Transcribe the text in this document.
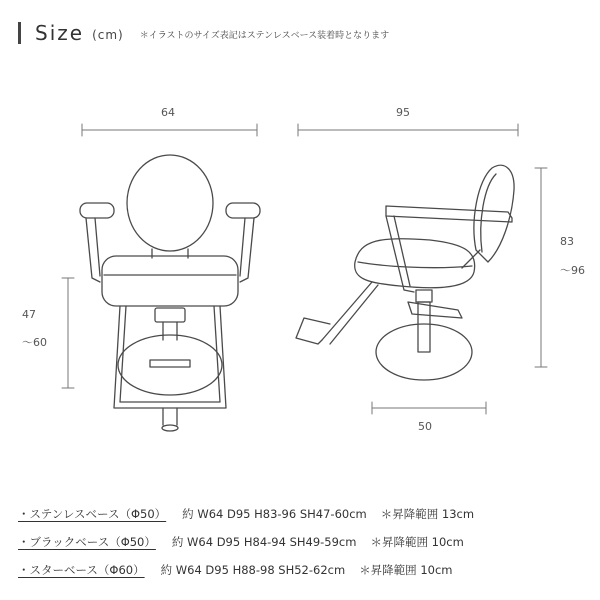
Size (cm) ＊イラストのサイズ表記はステンレスベース装着時となります
64
47
～60
95
83
～96
50
・ステンレスベース（Φ50） 約 W64 D95 H83-96 SH47-60cm ＊昇降範囲 13cm
・ブラックベース（Φ50） 約 W64 D95 H84-94 SH49-59cm ＊昇降範囲 10cm
・スターベース（Φ60） 約 W64 D95 H88-98 SH52-62cm ＊昇降範囲 10cm
